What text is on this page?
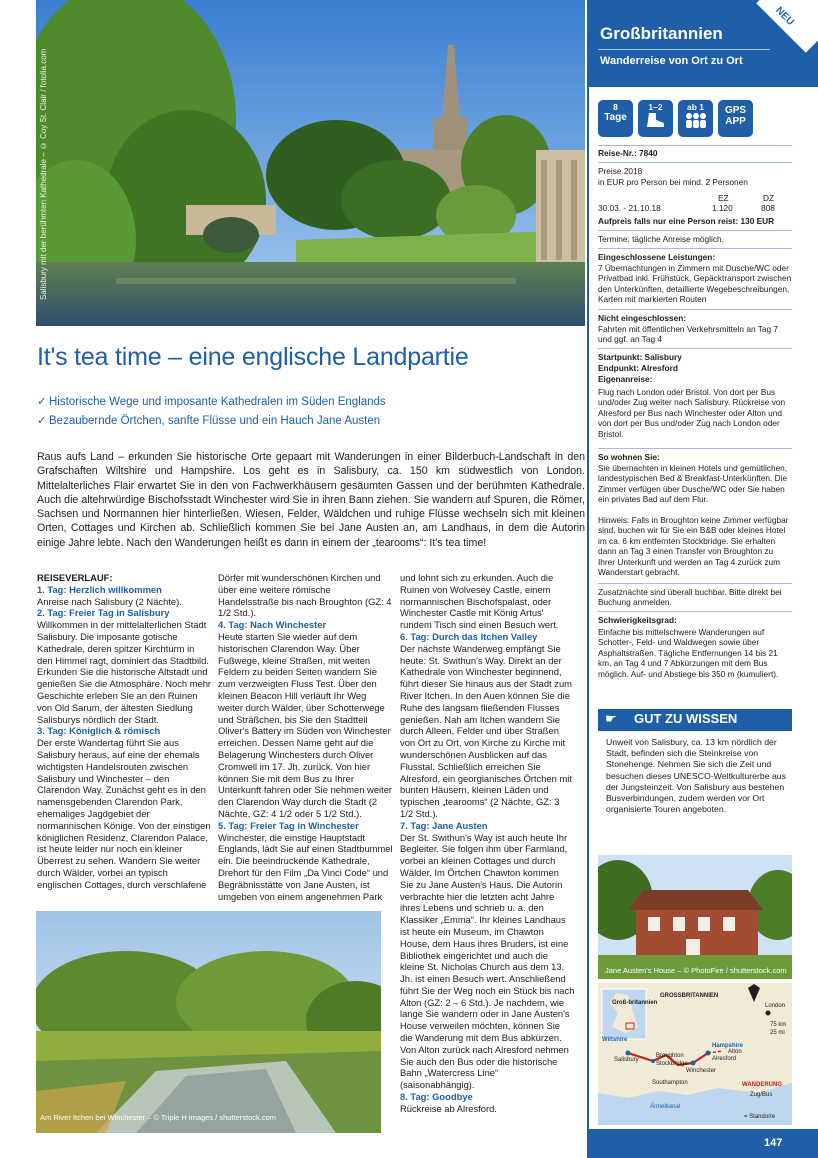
Salisbury mit der berühmten Kathedrale – © Coy St. Clair / fotolia.com
It's tea time – eine englische Landpartie
✓ Historische Wege und imposante Kathedralen im Süden Englands
✓ Bezaubernde Örtchen, sanfte Flüsse und ein Hauch Jane Austen

Raus aufs Land – erkunden Sie historische Orte gepaart mit Wanderungen in einer Bilderbuch-Landschaft in den Grafschaften Wiltshire und Hampshire. Los geht es in Salisbury, ca. 150 km südwestlich von London. Mittelalterliches Flair erwartet Sie in den von Fachwerkhäusern gesäumten Gassen und der berühmten Kathedrale. Auch die altehrwürdige Bischofsstadt Winchester wird Sie in ihren Bann ziehen. Sie wandern auf Spuren, die Römer, Sachsen und Normannen hier hinterließen. Wiesen, Felder, Wäldchen und ruhige Flüsse wechseln sich mit kleinen Orten, Cottages und Kirchen ab. Schließlich kommen Sie bei Jane Austen an, am Landhaus, in dem die Autorin einige Jahre lebte. Nach den Wanderungen heißt es dann in einem der „tearooms“: It's tea time!

REISEVERLAUF:
1. Tag: Herzlich willkommen
Anreise nach Salisbury (2 Nächte).
2. Tag: Freier Tag in Salisbury
Willkommen in der mittelalterlichen Stadt Salisbury. Die imposante gotische Kathedrale, deren spitzer Kirchturm in den Himmel ragt, dominiert das Stadtbild. Erkunden Sie die historische Altstadt und genießen Sie die Atmosphäre. Noch mehr Geschichte erleben Sie an den Ruinen von Old Sarum, der ältesten Siedlung Salisburys nördlich der Stadt.
3. Tag: Königlich & römisch
Der erste Wandertag führt Sie aus Salisbury heraus, auf eine der ehemals wichtigsten Handelsrouten zwischen Salisbury und Winchester – den Clarendon Way. Zunächst geht es in den namensgebenden Clarendon Park, ehemaliges Jagdgebiet der normannischen Könige. Von der einstigen königlichen Residenz, Clarendon Palace, ist heute leider nur noch ein kleiner Überrest zu sehen. Wandern Sie weiter durch Wälder, vorbei an typisch englischen Cottages, durch verschlafene
Dörfer mit wunderschönen Kirchen und über eine weitere römische Handelsstraße bis nach Broughton (GZ: 4 1/2 Std.).
4. Tag: Nach Winchester
Heute starten Sie wieder auf dem historischen Clarendon Way. Über Fußwege, kleine Straßen, mit weiten Feldern zu beiden Seiten wandern Sie zum verzweigten Fluss Test. Über den kleinen Beacon Hill verläuft Ihr Weg weiter durch Wälder, über Schotterwege und Sträßchen, bis Sie den Stadtteil Oliver's Battery im Süden von Winchester erreichen. Dessen Name geht auf die Belagerung Winchesters durch Oliver Cromwell im 17. Jh. zurück. Von hier können Sie mit dem Bus zu Ihrer Unterkunft fahren oder Sie nehmen weiter den Clarendon Way durch die Stadt (2 Nächte, GZ: 4 1/2 oder 5 1/2 Std.).
5. Tag: Freier Tag in Winchester
Winchester, die einstige Hauptstadt Englands, lädt Sie auf einen Stadtbummel ein. Die beeindruckende Kathedrale, Drehort für den Film „Da Vinci Code“ und Begräbnisstätte von Jane Austen, ist umgeben von einem angenehmen Park
und lohnt sich zu erkunden. Auch die Ruinen von Wolvesey Castle, einem normannischen Bischofspalast, oder Winchester Castle mit König Artus' rundem Tisch sind einen Besuch wert.
6. Tag: Durch das Itchen Valley
Der nächste Wanderweg empfängt Sie heute: St. Swithun's Way. Direkt an der Kathedrale von Winchester beginnend, führt dieser Sie hinaus aus der Stadt zum River Itchen. In den Auen können Sie die Ruhe des langsam fließenden Flusses genießen. Nah am Itchen wandern Sie durch Alleen, Felder und über Straßen von Ort zu Ort, von Kirche zu Kirche mit wunderschönen Ausblicken auf das Flusstal. Schließlich erreichen Sie Alresford, ein georgianisches Örtchen mit bunten Häusern, kleinen Läden und typischen „tearooms“ (2 Nächte, GZ: 3 1/2 Std.).
7. Tag: Jane Austen
Der St. Swithun's Way ist auch heute Ihr Begleiter. Sie folgen ihm über Farmland, vorbei an kleinen Cottages und durch Wälder. Im Örtchen Chawton kommen Sie zu Jane Austen's Haus. Die Autorin verbrachte hier die letzten acht Jahre ihres Lebens und schrieb u. a. den Klassiker „Emma“. Ihr kleines Landhaus ist heute ein Museum, im Chawton House, dem Haus ihres Bruders, ist eine Bibliothek eingerichtet und auch die kleine St. Nicholas Church aus dem 13. Jh. ist einen Besuch wert. Anschließend führt Sie der Weg noch ein Stück bis nach Alton (GZ: 2 – 6 Std.). Je nachdem, wie lange Sie wandern oder in Jane Austen's House verweilen möchten, können Sie die Wanderung mit dem Bus abkürzen. Von Alton zurück nach Alresford nehmen Sie auch den Bus oder die historische Bahn „Watercress Line“ (saisonabhängig).
8. Tag: Goodbye
Rückreise ab Alresford.
Am River Itchen bei Winchester – © Triple H images / shutterstock.com
NEU
Großbritannien
Wanderreise von Ort zu Ort
8
Tage
1–2	ab 1	GPS
APP
Reise-Nr.: 7840
Preise 2018
in EUR pro Person bei mind. 2 Personen
EZ	DZ
30.03. - 21.10.18	1.120	808
Aufpreis falls nur eine Person reist: 130 EUR
Termine: tägliche Anreise möglich.
Eingeschlossene Leistungen:
7 Übernachtungen in Zimmern mit Dusche/WC oder Privatbad inkl. Frühstück, Gepäcktransport zwischen den Unterkünften, detaillierte Wegebeschreibungen, Karten mit markierten Routen
Nicht eingeschlossen:
Fahrten mit öffentlichen Verkehrsmitteln an Tag 7 und ggf. an Tag 4
Startpunkt: Salisbury
Endpunkt: Alresford
Eigenanreise:
Flug nach London oder Bristol. Von dort per Bus und/oder Zug weiter nach Salisbury. Rückreise von Alresford per Bus nach Winchester oder Alton und von dort per Bus und/oder Zug nach London oder Bristol.
So wohnen Sie:
Sie übernachten in kleinen Hotels und gemütlichen, landestypischen Bed & Breakfast-Unterkünften. Die Zimmer verfügen über Dusche/WC oder Sie haben ein privates Bad auf dem Flur.
Hinweis: Falls in Broughton keine Zimmer verfügbar sind, buchen wir für Sie ein B&B oder kleines Hotel im ca. 6 km entfernten Stockbridge. Sie erhalten dann an Tag 3 einen Transfer von Broughton zu Ihrer Unterkunft und werden an Tag 4 zurück zum Wanderstart gebracht.
Zusatznächte sind überall buchbar. Bitte direkt bei Buchung anmelden.
Schwierigkeitsgrad:
Einfache bis mittelschwere Wanderungen auf Schotter-, Feld- und Waldwegen sowie über Asphaltstraßen. Tägliche Entfernungen 14 bis 21 km, an Tag 4 und 7 Abkürzungen mit dem Bus möglich. Auf- und Abstiege bis 350 m (kumuliert).
☛ GUT ZU WISSEN
Unweit von Salisbury, ca. 13 km nördlich der Stadt, befinden sich die Steinkreise von Stonehenge. Nehmen Sie sich die Zeit und besuchen dieses UNESCO-Weltkulturerbe aus der Jungsteinzeit. Von Salisbury aus bestehen Busverbindungen, zudem werden vor Ort organisierte Touren angeboten.
Jane Austen's House – © PhotoFire / shutterstock.com
Groß-britannien
GROSSBRITANNIEN
75 km
25 mi
London
Wiltshire
Hampshire
Salisbury
Broughton
Stockbridge
Winchester
Alresford
Alton
Southampton
Ärmelkanal
WANDERUNG
Zug/Bus
= Standorte
147
